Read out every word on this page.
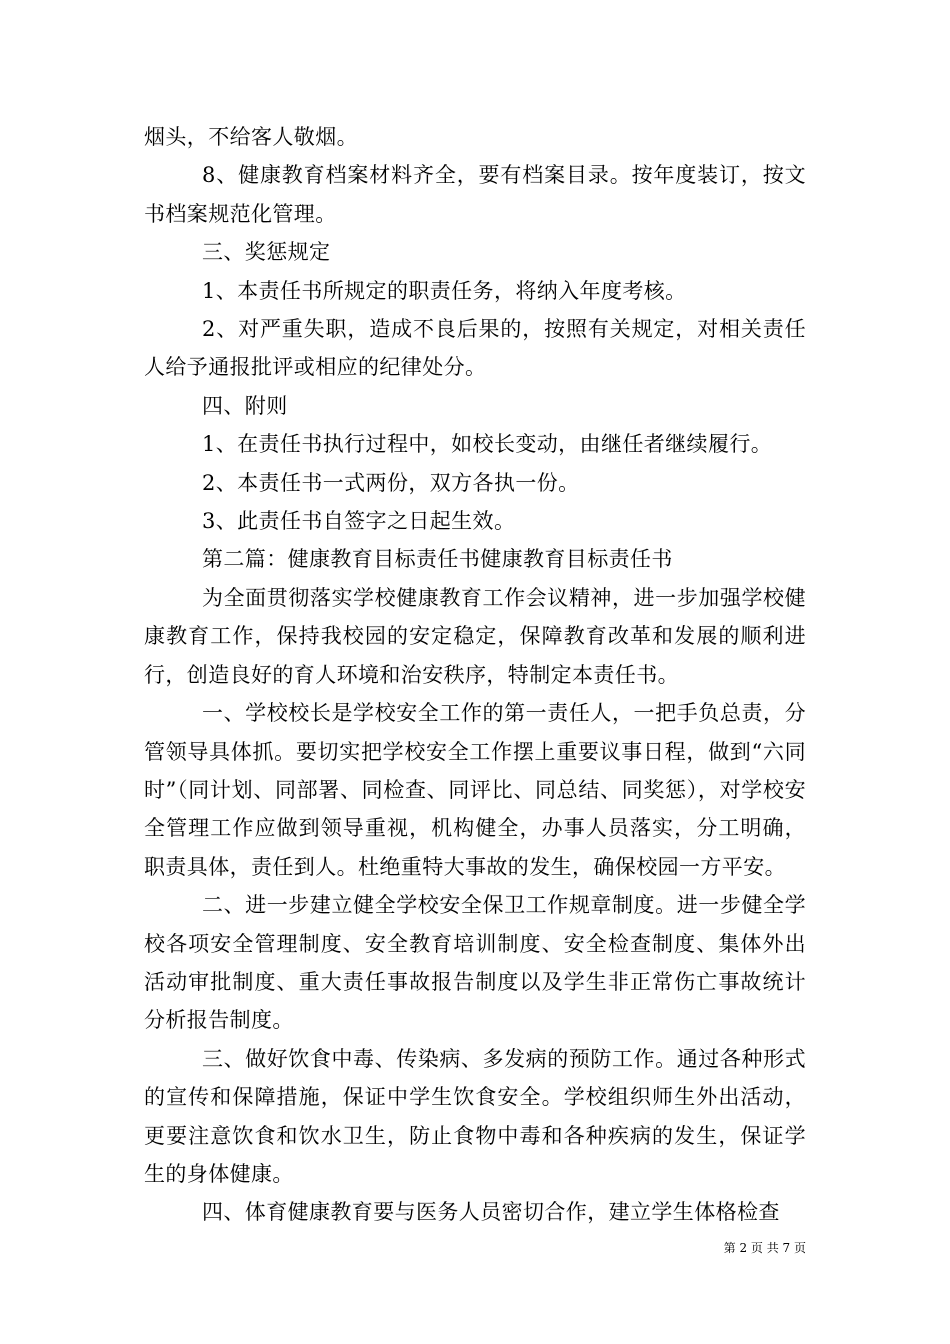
烟头，不给客人敬烟。

8、健康教育档案材料齐全，要有档案目录。按年度装订，按文书档案规范化管理。

三、奖惩规定

1、本责任书所规定的职责任务，将纳入年度考核。

2、对严重失职，造成不良后果的，按照有关规定，对相关责任人给予通报批评或相应的纪律处分。

四、附则

1、在责任书执行过程中，如校长变动，由继任者继续履行。

2、本责任书一式两份，双方各执一份。

3、此责任书自签字之日起生效。

第二篇：健康教育目标责任书健康教育目标责任书

为全面贯彻落实学校健康教育工作会议精神，进一步加强学校健康教育工作，保持我校园的安定稳定，保障教育改革和发展的顺利进行，创造良好的育人环境和治安秩序，特制定本责任书。

一、学校校长是学校安全工作的第一责任人，一把手负总责，分管领导具体抓。要切实把学校安全工作摆上重要议事日程，做到“六同时”（同计划、同部署、同检查、同评比、同总结、同奖惩），对学校安全管理工作应做到领导重视，机构健全，办事人员落实，分工明确，职责具体，责任到人。杜绝重特大事故的发生，确保校园一方平安。

二、进一步建立健全学校安全保卫工作规章制度。进一步健全学校各项安全管理制度、安全教育培训制度、安全检查制度、集体外出活动审批制度、重大责任事故报告制度以及学生非正常伤亡事故统计分析报告制度。

三、做好饮食中毒、传染病、多发病的预防工作。通过各种形式的宣传和保障措施，保证中学生饮食安全。学校组织师生外出活动，更要注意饮食和饮水卫生，防止食物中毒和各种疾病的发生，保证学生的身体健康。

四、体育健康教育要与医务人员密切合作，建立学生体格检查

第 2 页 共 7 页
